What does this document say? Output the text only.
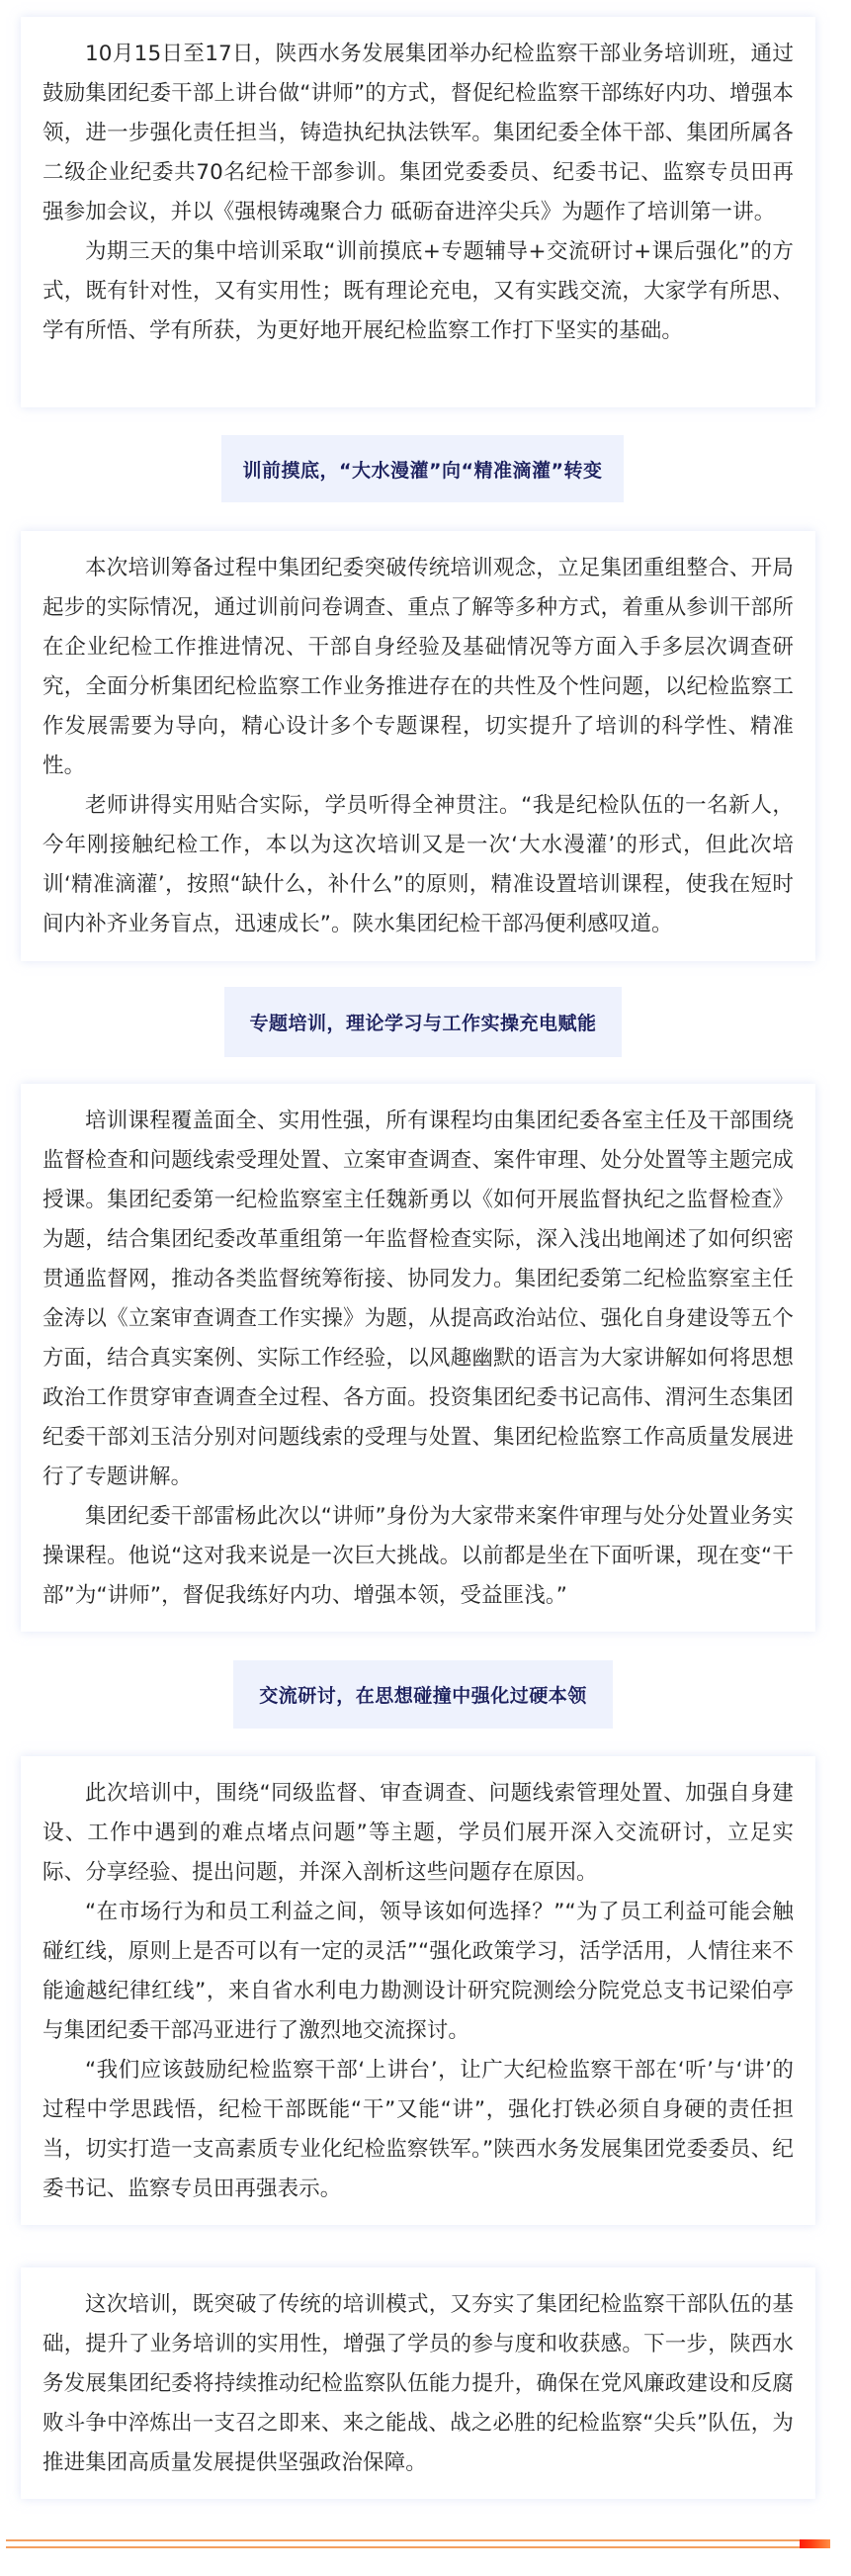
10月15日至17日，陕西水务发展集团举办纪检监察干部业务培训班，通过鼓励集团纪委干部上讲台做“讲师”的方式，督促纪检监察干部练好内功、增强本领，进一步强化责任担当，铸造执纪执法铁军。集团纪委全体干部、集团所属各二级企业纪委共70名纪检干部参训。集团党委委员、纪委书记、监察专员田再强参加会议，并以《强根铸魂聚合力 砥砺奋进淬尖兵》为题作了培训第一讲。

为期三天的集中培训采取“训前摸底+专题辅导+交流研讨+课后强化”的方式，既有针对性，又有实用性；既有理论充电，又有实践交流，大家学有所思、学有所悟、学有所获，为更好地开展纪检监察工作打下坚实的基础。

训前摸底，“大水漫灌”向“精准滴灌”转变

本次培训筹备过程中集团纪委突破传统培训观念，立足集团重组整合、开局起步的实际情况，通过训前问卷调查、重点了解等多种方式，着重从参训干部所在企业纪检工作推进情况、干部自身经验及基础情况等方面入手多层次调查研究，全面分析集团纪检监察工作业务推进存在的共性及个性问题，以纪检监察工作发展需要为导向，精心设计多个专题课程，切实提升了培训的科学性、精准性。

老师讲得实用贴合实际，学员听得全神贯注。“我是纪检队伍的一名新人，今年刚接触纪检工作，本以为这次培训又是一次‘大水漫灌’的形式，但此次培训‘精准滴灌’，按照“缺什么，补什么”的原则，精准设置培训课程，使我在短时间内补齐业务盲点，迅速成长”。陕水集团纪检干部冯便利感叹道。

专题培训，理论学习与工作实操充电赋能

培训课程覆盖面全、实用性强，所有课程均由集团纪委各室主任及干部围绕监督检查和问题线索受理处置、立案审查调查、案件审理、处分处置等主题完成授课。集团纪委第一纪检监察室主任魏新勇以《如何开展监督执纪之监督检查》为题，结合集团纪委改革重组第一年监督检查实际，深入浅出地阐述了如何织密贯通监督网，推动各类监督统筹衔接、协同发力。集团纪委第二纪检监察室主任金涛以《立案审查调查工作实操》为题，从提高政治站位、强化自身建设等五个方面，结合真实案例、实际工作经验，以风趣幽默的语言为大家讲解如何将思想政治工作贯穿审查调查全过程、各方面。投资集团纪委书记高伟、渭河生态集团纪委干部刘玉洁分别对问题线索的受理与处置、集团纪检监察工作高质量发展进行了专题讲解。

集团纪委干部雷杨此次以“讲师”身份为大家带来案件审理与处分处置业务实操课程。他说“这对我来说是一次巨大挑战。以前都是坐在下面听课，现在变“干部”为“讲师”，督促我练好内功、增强本领，受益匪浅。”

交流研讨，在思想碰撞中强化过硬本领

此次培训中，围绕“同级监督、审查调查、问题线索管理处置、加强自身建设、工作中遇到的难点堵点问题”等主题，学员们展开深入交流研讨，立足实际、分享经验、提出问题，并深入剖析这些问题存在原因。

“在市场行为和员工利益之间，领导该如何选择？”“为了员工利益可能会触碰红线，原则上是否可以有一定的灵活”“强化政策学习，活学活用，人情往来不能逾越纪律红线”，来自省水利电力勘测设计研究院测绘分院党总支书记梁伯亭与集团纪委干部冯亚进行了激烈地交流探讨。

“我们应该鼓励纪检监察干部‘上讲台’，让广大纪检监察干部在‘听’与‘讲’的过程中学思践悟，纪检干部既能“干”又能“讲”，强化打铁必须自身硬的责任担当，切实打造一支高素质专业化纪检监察铁军。”陕西水务发展集团党委委员、纪委书记、监察专员田再强表示。

这次培训，既突破了传统的培训模式，又夯实了集团纪检监察干部队伍的基础，提升了业务培训的实用性，增强了学员的参与度和收获感。下一步，陕西水务发展集团纪委将持续推动纪检监察队伍能力提升，确保在党风廉政建设和反腐败斗争中淬炼出一支召之即来、来之能战、战之必胜的纪检监察“尖兵”队伍，为推进集团高质量发展提供坚强政治保障。
